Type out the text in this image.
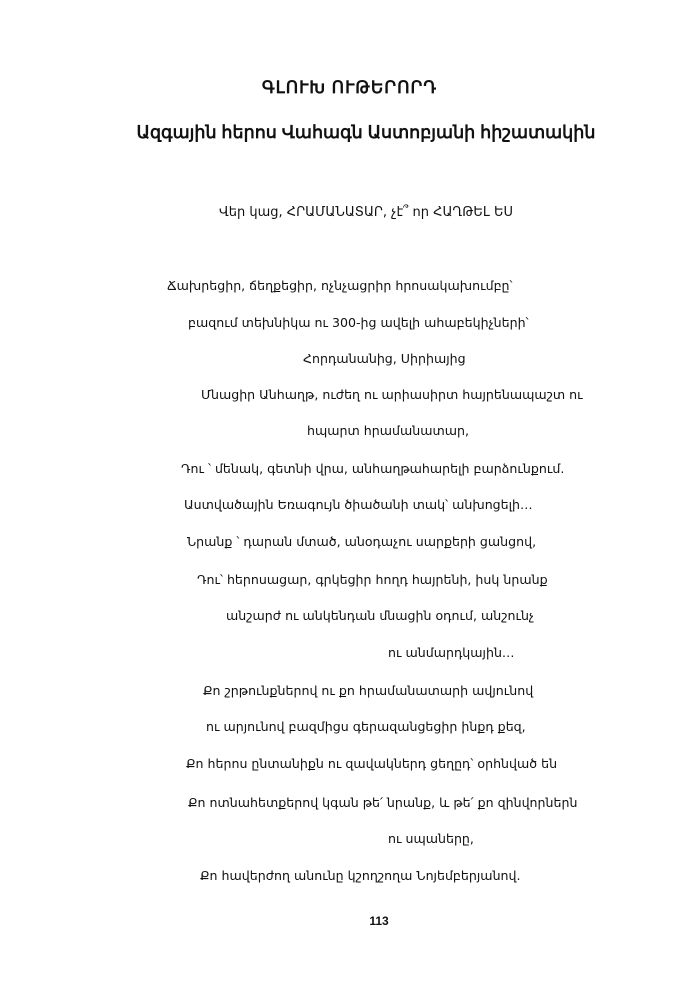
ԳԼՈՒԽ ՈՒԹԵՐՈՐԴ
Ազգային հերոս Վահագն Աստոբյանի հիշատակին
Վեր կաց, ՀՐԱՄԱՆԱՏԱՐ, չէ՞ որ ՀԱՂԹԵԼ ԵՍ
Ճախրեցիր, ճեղքեցիր, ոչնչացրիր հրոսակախումբը՝
բազում տեխնիկա ու 300-ից ավելի ահաբեկիչների՝
Հորդանանից, Սիրիայից
Մնացիր Անհաղթ, ուժեղ ու արիասիրտ հայրենապաշտ ու
հպարտ հրամանատար,
Դու ՝ մենակ, գետնի վրա, անհաղթահարելի բարձունքում.
Աստվածային Եռագույն ծիածանի տակ՝ անխոցելի…
Նրանք ՝ դարան մտած, անօդաչու սարքերի ցանցով,
Դու՝ հերոսացար, գրկեցիր հողդ հայրենի, իսկ նրանք
անշարժ ու անկենդան մնացին օդում, անշունչ
ու անմարդկային…
Քո շրթունքներով ու քո հրամանատարի ավյունով
ու արյունով բազմիցս գերազանցեցիր ինքդ քեզ,
Քո հերոս ընտանիքն ու զավակներդ ցեղըդ՝ օրհնված են
Քո ոտնահետքերով կգան թե՛ նրանք, և թե՛ քո զինվորներն
ու սպաները,
Քո հավերժող անունը կշողշողա Նոյեմբերյանով.
113
